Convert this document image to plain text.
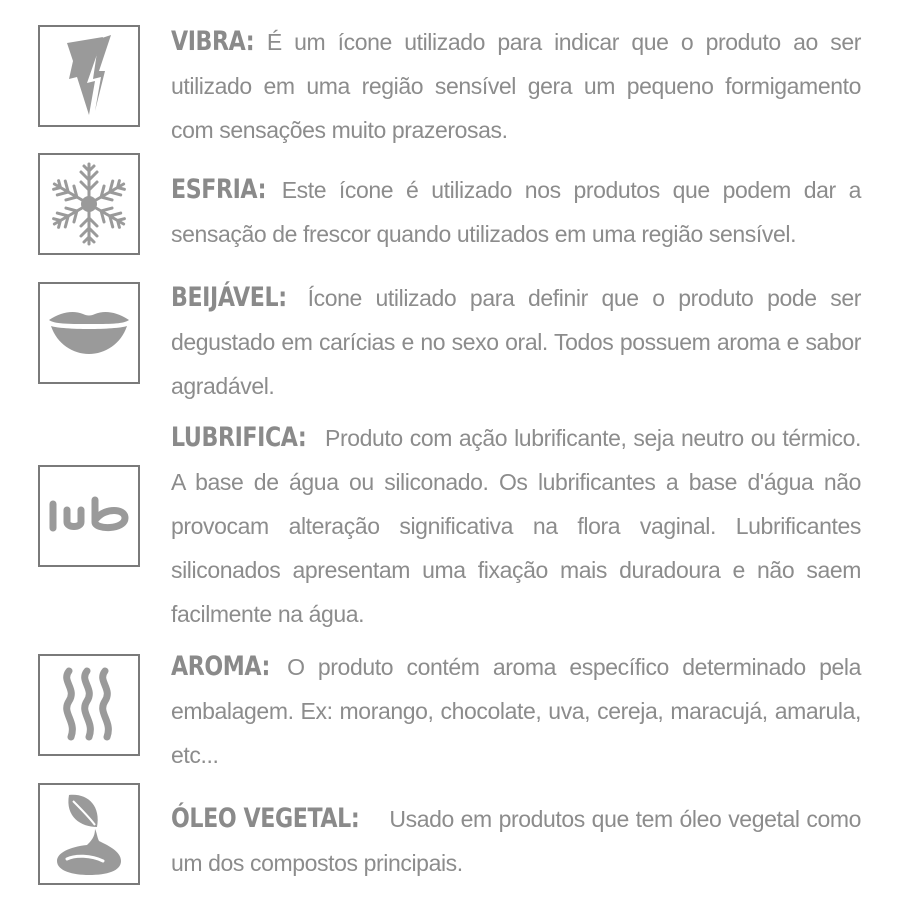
VIBRA: É um ícone utilizado para indicar que o produto ao ser utilizado em uma região sensível gera um pequeno formigamento com sensações muito prazerosas.
ESFRIA: Este ícone é utilizado nos produtos que podem dar a sensação de frescor quando utilizados em uma região sensível.
BEIJÁVEL: Ícone utilizado para definir que o produto pode ser degustado em carícias e no sexo oral. Todos possuem aroma e sabor agradável.
LUBRIFICA: Produto com ação lubrificante, seja neutro ou térmico. A base de água ou siliconado. Os lubrificantes a base d'água não provocam alteração significativa na flora vaginal. Lubrificantes siliconados apresentam uma fixação mais duradoura e não saem facilmente na água.
AROMA: O produto contém aroma específico determinado pela embalagem. Ex: morango, chocolate, uva, cereja, maracujá, amarula, etc...
ÓLEO VEGETAL: Usado em produtos que tem óleo vegetal como um dos compostos principais.
